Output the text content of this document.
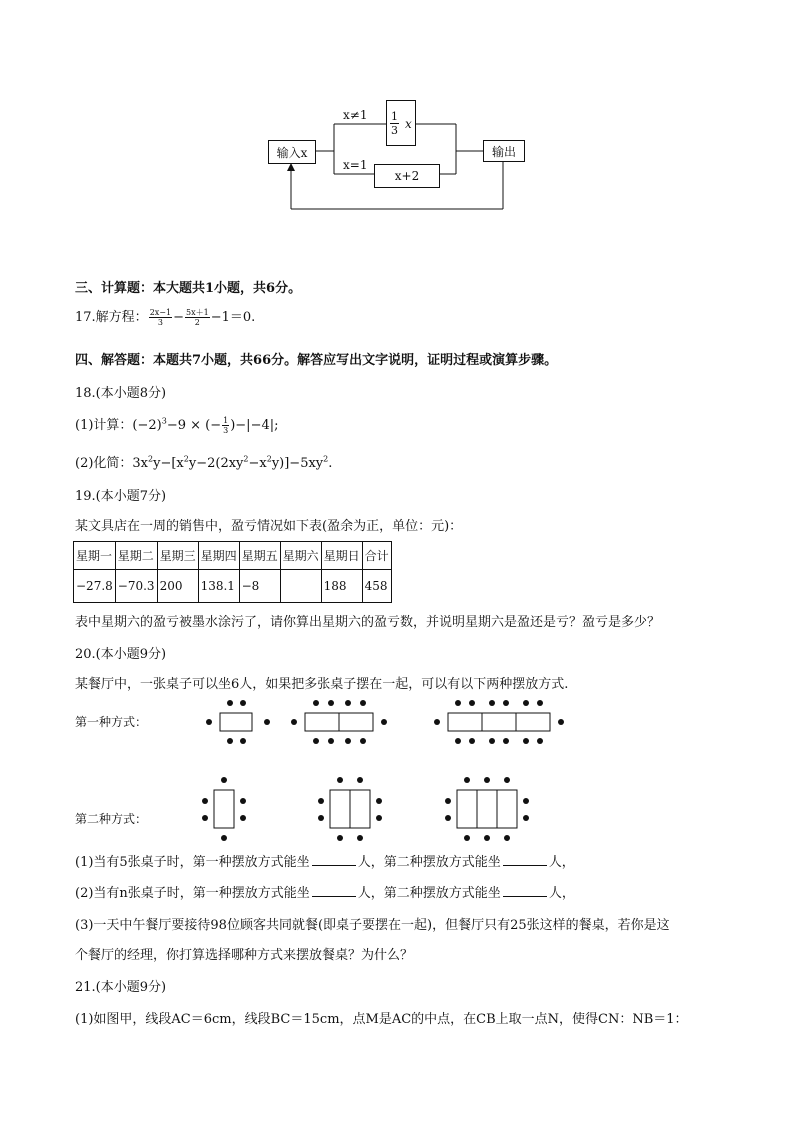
输入x	输出
$\frac{1}{3}$ x
x+2
x≠1
x=1
三、计算题：本大题共1小题，共6分。
17.解方程： $\frac{2x-1}{3} - \frac{5x+1}{2} -1=0$.
四、解答题：本题共7小题，共66分。解答应写出文字说明，证明过程或演算步骤。
18.(本小题8分)
(1)计算：$(-2)^3-9$ × (− $\frac{1}{3} )-|-4|$;
(2)化简：$3x^2y-[x^2y-2(2xy^2-x^2y)]-5xy^2$.
19.(本小题7分)
某文具店在一周的销售中，盈亏情况如下表(盈余为正，单位：元)：
星期一	星期二	星期三	星期四	星期五	星期六	星期日	合计
−27.8	−70.3	200	138.1	−8		188	458
表中星期六的盈亏被墨水涂污了，请你算出星期六的盈亏数，并说明星期六是盈还是亏？盈亏是多少？
20.(本小题9分)
某餐厅中，一张桌子可以坐6人，如果把多张桌子摆在一起，可以有以下两种摆放方式.
第一种方式：
第二种方式：
(1)当有5张桌子时，第一种摆放方式能坐	人，第二种摆放方式能坐	人，
(2)当有n张桌子时，第一种摆放方式能坐	人，第二种摆放方式能坐	人，
(3)一天中午餐厅要接待98位顾客共同就餐(即桌子要摆在一起)，但餐厅只有25张这样的餐桌，若你是这
个餐厅的经理，你打算选择哪种方式来摆放餐桌？为什么？
21.(本小题9分)
(1)如图甲，线段AC＝6cm，线段BC＝15cm，点M是AC的中点，在CB上取一点N，使得CN：NB＝1：
